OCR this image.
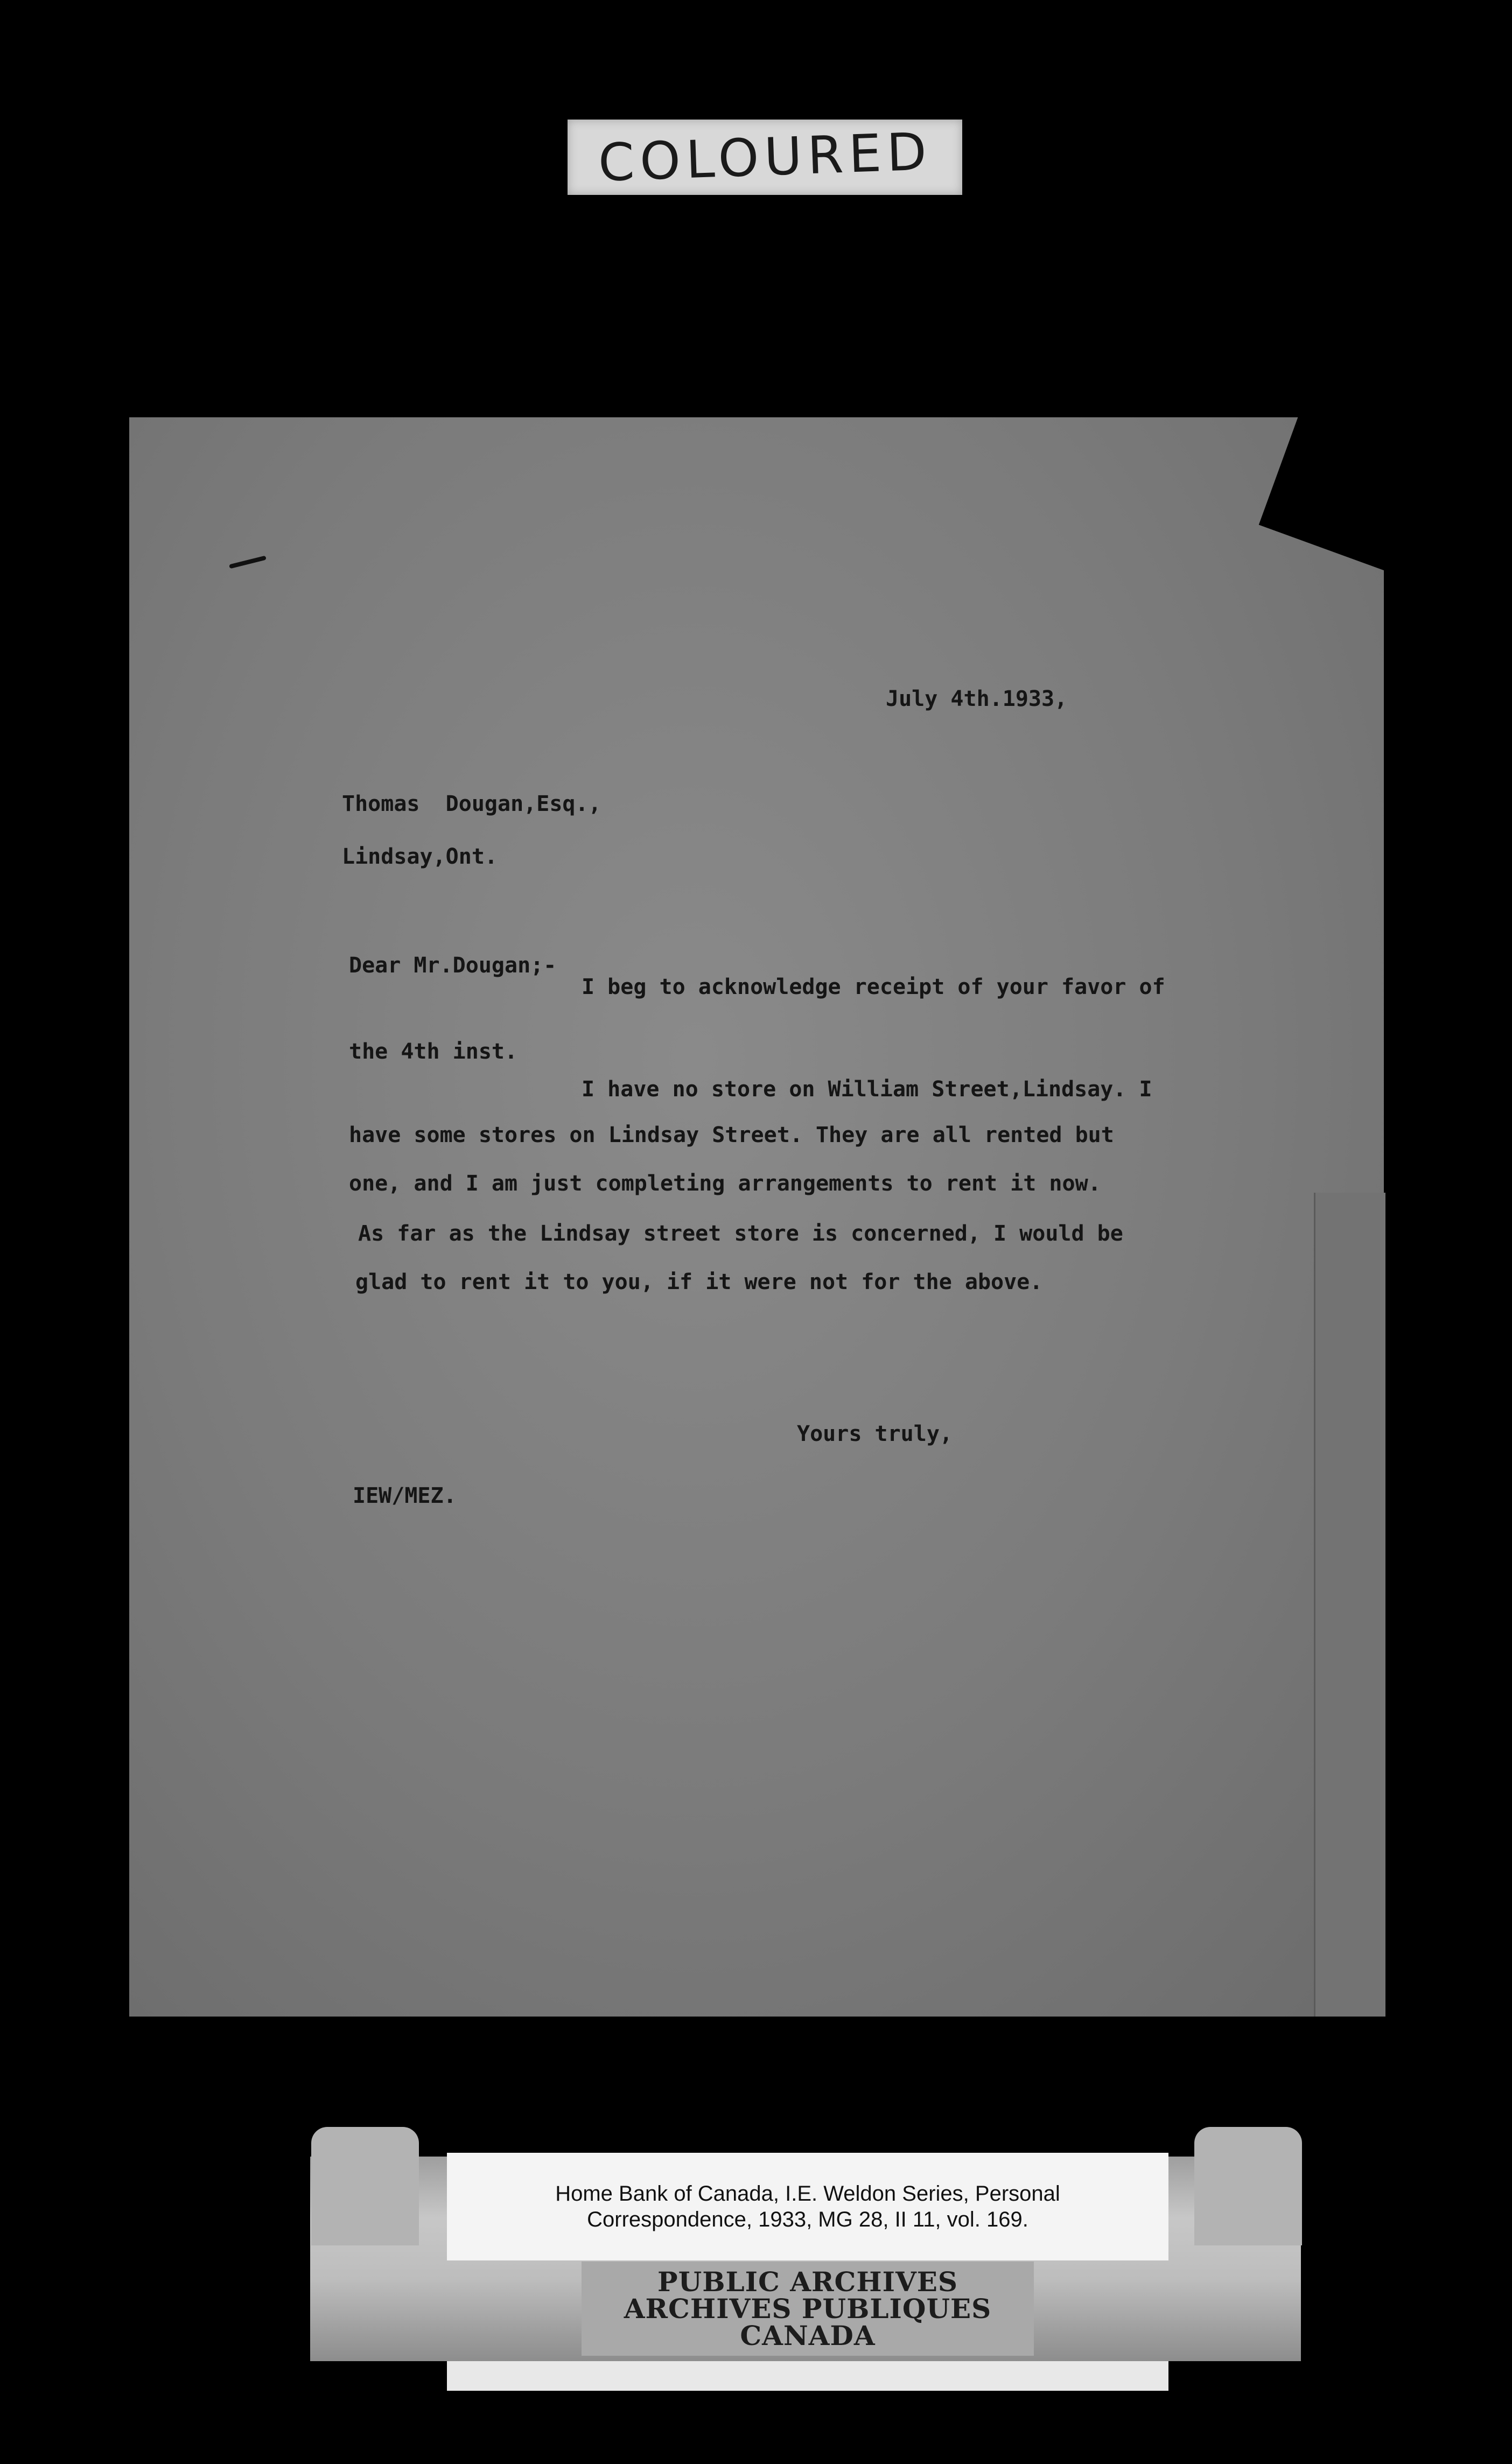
COLOURED
July 4th.1933,
Thomas  Dougan,Esq.,
Lindsay,Ont.
Dear Mr.Dougan;-
I beg to acknowledge receipt of your favor of
the 4th inst.
I have no store on William Street,Lindsay. I
have some stores on Lindsay Street. They are all rented but
one, and I am just completing arrangements to rent it now.
As far as the Lindsay street store is concerned, I would be
glad to rent it to you, if it were not for the above.
Yours truly,
IEW/MEZ.
Home Bank of Canada, I.E. Weldon Series, Personal
Correspondence, 1933, MG 28, II 11, vol. 169.
PUBLIC ARCHIVES
ARCHIVES PUBLIQUES
CANADA
